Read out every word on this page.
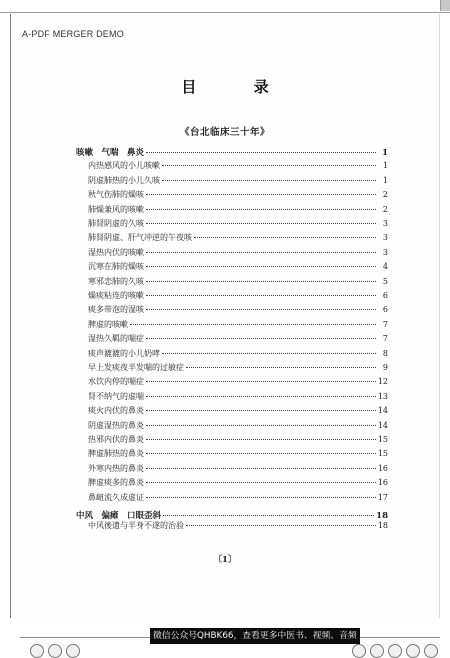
A-PDF MERGER DEMO
目 录
《台北临床三十年》
咳嗽　气喘　鼻炎	1
内热感风的小儿咳嗽	1
阴虚肺热的小儿久咳	1
秋气伤肺的燥咳	2
肺燥兼风的咳嗽	2
肺肾阴虚的久咳	3
肺肾阴虚、肝气冲逆的午夜咳	3
湿热内伏的咳嗽	3
沉寒在肺的燥咳	4
寒邪恋肺的久咳	5
燥痰粘连的咳嗽	6
痰多带泡的湿咳	6
脾虚的咳嗽	7
湿热久羁的喘症	7
痰声漉漉的小儿奶哮	8
早上发痰夜半发喘的过敏症	9
水饮内停的喘症	12
肾不纳气的虚喘	13
痰火内伏的鼻炎	14
阴虚湿热的鼻炎	14
热邪内伏的鼻炎	15
脾虚肺热的鼻炎	15
外寒内热的鼻炎	16
脾虚痰多的鼻炎	16
鼻衄流久成虚证	17
中风　偏瘫　口眼歪斜	18
中风後遗与半身不遂的治验	18
〔1〕
微信公众号QHBK66，查看更多中医书、视频、音频
